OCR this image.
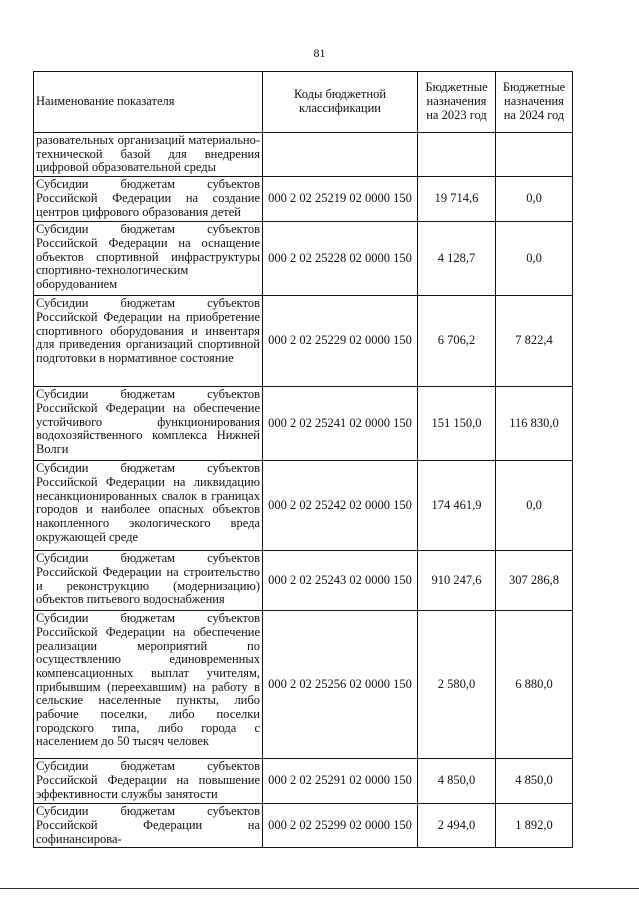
81
Наименование показателя	Коды бюджетной классификации	Бюджетные назначения на 2023 год	Бюджетные назначения на 2024 год
разовательных организаций материально-технической базой для внедрения цифровой образовательной среды			
Субсидии бюджетам субъектов Российской Федерации на создание центров цифрового образования детей	000 2 02 25219 02 0000 150	19 714,6	0,0
Субсидии бюджетам субъектов Российской Федерации на оснащение объектов спортивной инфраструктуры спортивно-технологическим оборудованием	000 2 02 25228 02 0000 150	4 128,7	0,0
Субсидии бюджетам субъектов Российской Федерации на приобретение спортивного оборудования и инвентаря для приведения организаций спортивной подготовки в нормативное состояние	000 2 02 25229 02 0000 150	6 706,2	7 822,4
Субсидии бюджетам субъектов Российской Федерации на обеспечение устойчивого функционирования водохозяйственного комплекса Нижней Волги	000 2 02 25241 02 0000 150	151 150,0	116 830,0
Субсидии бюджетам субъектов Российской Федерации на ликвидацию несанкционированных свалок в границах городов и наиболее опасных объектов накопленного экологического вреда окружающей среде	000 2 02 25242 02 0000 150	174 461,9	0,0
Субсидии бюджетам субъектов Российской Федерации на строительство и реконструкцию (модернизацию) объектов питьевого водоснабжения	000 2 02 25243 02 0000 150	910 247,6	307 286,8
Субсидии бюджетам субъектов Российской Федерации на обеспечение реализации мероприятий по осуществлению единовременных компенсационных выплат учителям, прибывшим (переехавшим) на работу в сельские населенные пункты, либо рабочие поселки, либо поселки городского типа, либо города с населением до 50 тысяч человек	000 2 02 25256 02 0000 150	2 580,0	6 880,0
Субсидии бюджетам субъектов Российской Федерации на повышение эффективности службы занятости	000 2 02 25291 02 0000 150	4 850,0	4 850,0
Субсидии бюджетам субъектов Российской Федерации на софинансирова-	000 2 02 25299 02 0000 150	2 494,0	1 892,0
